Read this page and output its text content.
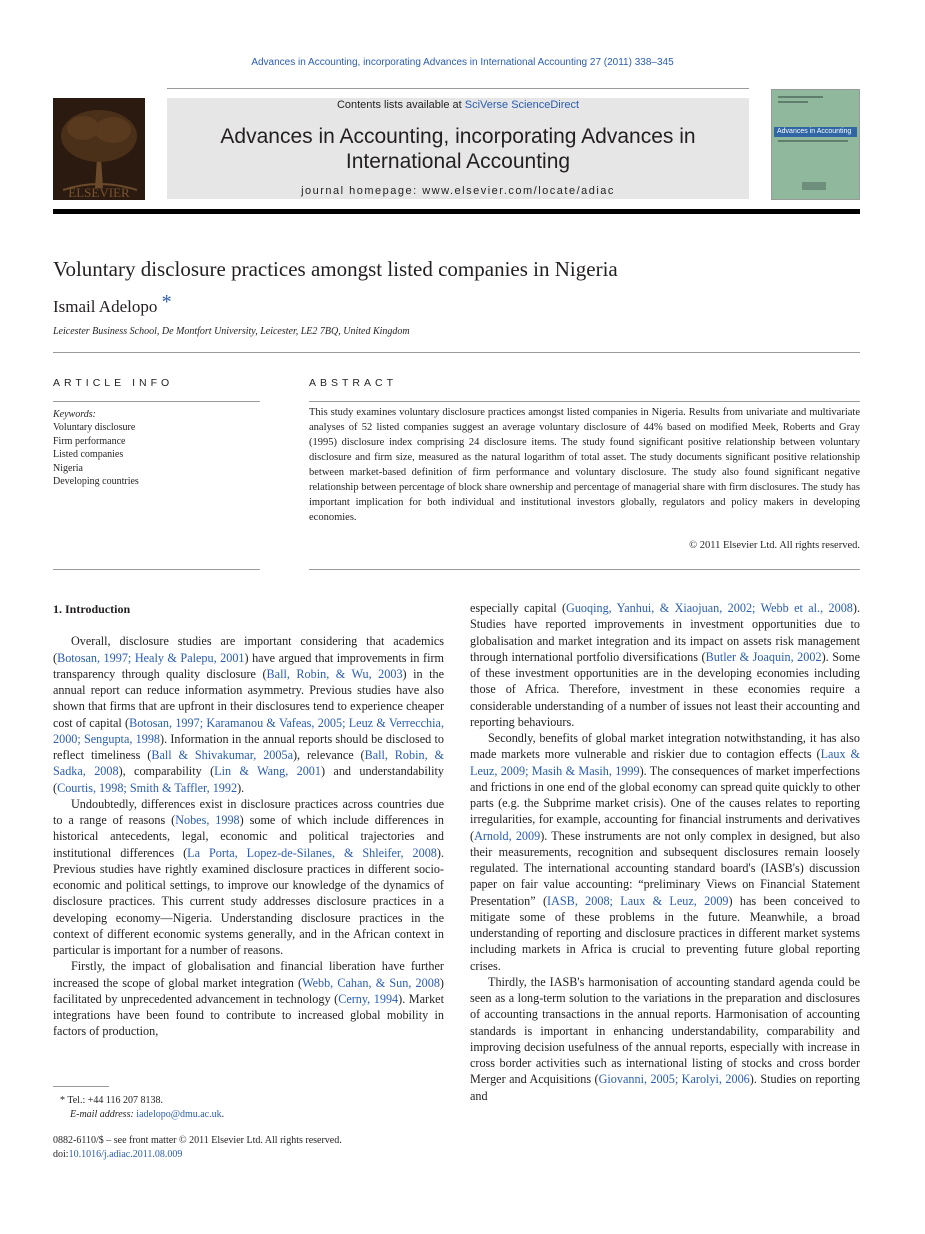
Advances in Accounting, incorporating Advances in International Accounting 27 (2011) 338–345
ELSEVIER
Contents lists available at SciVerse ScienceDirect
Advances in Accounting, incorporating Advances in International Accounting
journal homepage: www.elsevier.com/locate/adiac
Advances in Accounting
Voluntary disclosure practices amongst listed companies in Nigeria
Ismail Adelopo *
Leicester Business School, De Montfort University, Leicester, LE2 7BQ, United Kingdom
ARTICLE INFO	ABSTRACT
Keywords:
Voluntary disclosure
Firm performance
Listed companies
Nigeria
Developing countries
This study examines voluntary disclosure practices amongst listed companies in Nigeria. Results from univariate and multivariate analyses of 52 listed companies suggest an average voluntary disclosure of 44% based on modified Meek, Roberts and Gray (1995) disclosure index comprising 24 disclosure items. The study found significant positive relationship between voluntary disclosure and firm size, measured as the natural logarithm of total asset. The study documents significant positive relationship between market-based definition of firm performance and voluntary disclosure. The study also found significant negative relationship between percentage of block share ownership and percentage of managerial share with firm disclosures. The study has important implication for both individual and institutional investors globally, regulators and policy makers in developing economies.
© 2011 Elsevier Ltd. All rights reserved.

1. Introduction

Overall, disclosure studies are important considering that academics (Botosan, 1997; Healy & Palepu, 2001) have argued that improvements in firm transparency through quality disclosure (Ball, Robin, & Wu, 2003) in the annual report can reduce information asymmetry. Previous studies have also shown that firms that are upfront in their disclosures tend to experience cheaper cost of capital (Botosan, 1997; Karamanou & Vafeas, 2005; Leuz & Verrecchia, 2000; Sengupta, 1998). Information in the annual reports should be disclosed to reflect timeliness (Ball & Shivakumar, 2005a), relevance (Ball, Robin, & Sadka, 2008), comparability (Lin & Wang, 2001) and understandability (Courtis, 1998; Smith & Taffler, 1992).

Undoubtedly, differences exist in disclosure practices across countries due to a range of reasons (Nobes, 1998) some of which include differences in historical antecedents, legal, economic and political trajectories and institutional differences (La Porta, Lopez-de-Silanes, & Shleifer, 2008). Previous studies have rightly examined disclosure practices in different socio-economic and political settings, to improve our knowledge of the dynamics of disclosure practices. This current study addresses disclosure practices in a developing economy—Nigeria. Understanding disclosure practices in the context of different economic systems generally, and in the African context in particular is important for a number of reasons.

Firstly, the impact of globalisation and financial liberation have further increased the scope of global market integration (Webb, Cahan, & Sun, 2008) facilitated by unprecedented advancement in technology (Cerny, 1994). Market integrations have been found to contribute to increased global mobility in factors of production,

especially capital (Guoqing, Yanhui, & Xiaojuan, 2002; Webb et al., 2008). Studies have reported improvements in investment opportunities due to globalisation and market integration and its impact on assets risk management through international portfolio diversifications (Butler & Joaquin, 2002). Some of these investment opportunities are in the developing economies including those of Africa. Therefore, investment in these economies require a considerable understanding of a number of issues not least their accounting and reporting behaviours.

Secondly, benefits of global market integration notwithstanding, it has also made markets more vulnerable and riskier due to contagion effects (Laux & Leuz, 2009; Masih & Masih, 1999). The consequences of market imperfections and frictions in one end of the global economy can spread quite quickly to other parts (e.g. the Subprime market crisis). One of the causes relates to reporting irregularities, for example, accounting for financial instruments and derivatives (Arnold, 2009). These instruments are not only complex in designed, but also their measurements, recognition and subsequent disclosures remain loosely regulated. The international accounting standard board's (IASB's) discussion paper on fair value accounting: “preliminary Views on Financial Statement Presentation” (IASB, 2008; Laux & Leuz, 2009) has been conceived to mitigate some of these problems in the future. Meanwhile, a broad understanding of reporting and disclosure practices in different market systems including markets in Africa is crucial to preventing future global reporting crises.

Thirdly, the IASB's harmonisation of accounting standard agenda could be seen as a long-term solution to the variations in the preparation and disclosures of accounting transactions in the annual reports. Harmonisation of accounting standards is important in enhancing understandability, comparability and improving decision usefulness of the annual reports, especially with increase in cross border activities such as international listing of stocks and cross border Merger and Acquisitions (Giovanni, 2005; Karolyi, 2006). Studies on reporting and

* Tel.: +44 116 207 8138.
E-mail address: iadelopo@dmu.ac.uk.
0882-6110/$ – see front matter © 2011 Elsevier Ltd. All rights reserved.
doi:10.1016/j.adiac.2011.08.009
